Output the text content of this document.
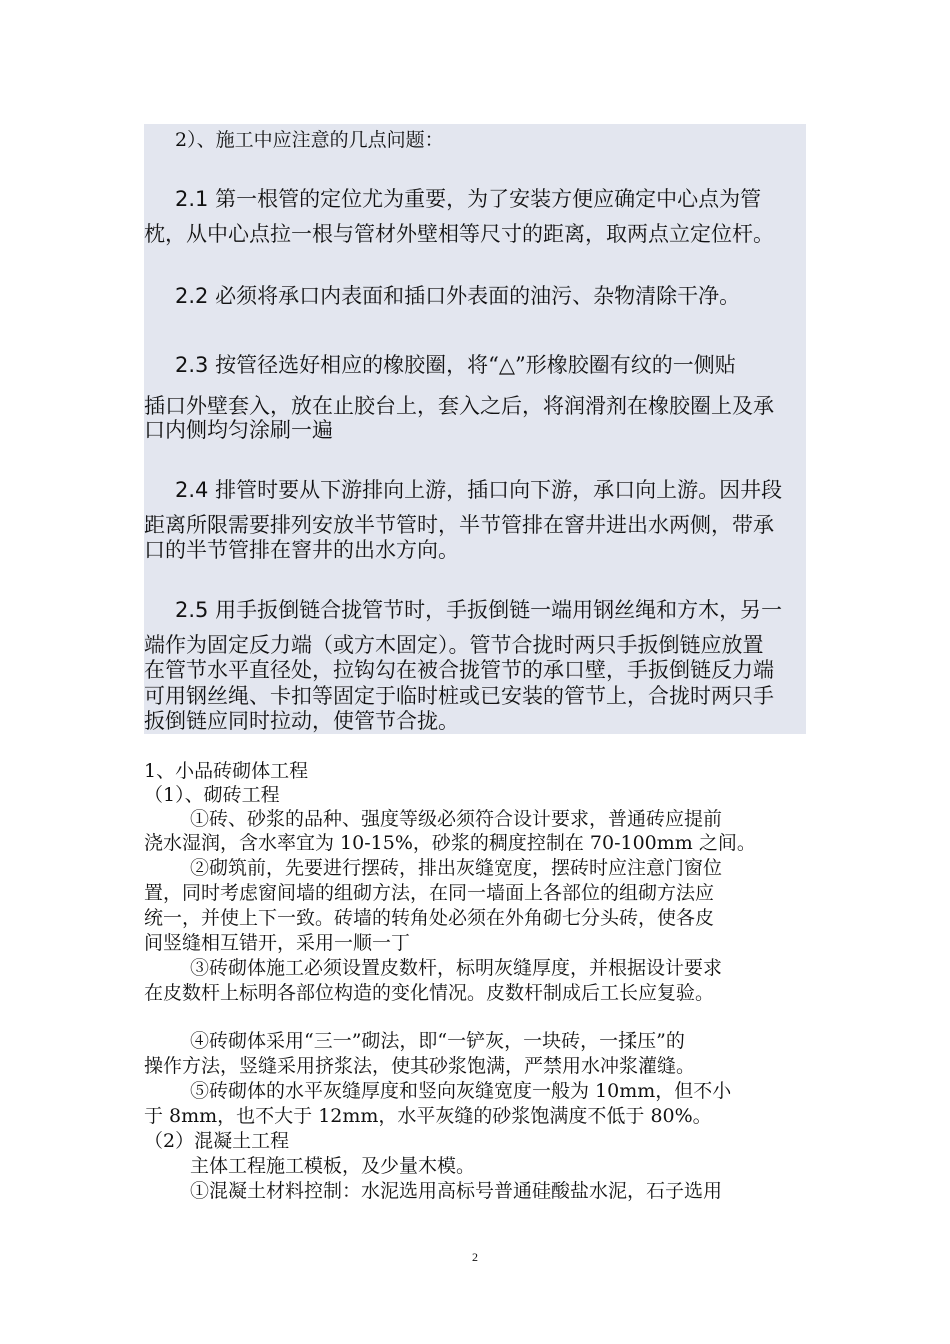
2）、施工中应注意的几点问题：
2.1 第一根管的定位尤为重要，为了安装方便应确定中心点为管
枕，从中心点拉一根与管材外壁相等尺寸的距离，取两点立定位杆。
2.2 必须将承口内表面和插口外表面的油污、杂物清除干净。
2.3 按管径选好相应的橡胶圈，将“△”形橡胶圈有纹的一侧贴
插口外壁套入，放在止胶台上，套入之后，将润滑剂在橡胶圈上及承
口内侧均匀涂刷一遍
2.4 排管时要从下游排向上游，插口向下游，承口向上游。因井段
距离所限需要排列安放半节管时，半节管排在窨井进出水两侧，带承
口的半节管排在窨井的出水方向。
2.5 用手扳倒链合拢管节时，手扳倒链一端用钢丝绳和方木，另一
端作为固定反力端（或方木固定）。管节合拢时两只手扳倒链应放置
在管节水平直径处，拉钩勾在被合拢管节的承口壁，手扳倒链反力端
可用钢丝绳、卡扣等固定于临时桩或已安装的管节上，合拢时两只手
扳倒链应同时拉动，使管节合拢。
1、小品砖砌体工程
（1）、砌砖工程
①砖、砂浆的品种、强度等级必须符合设计要求，普通砖应提前
浇水湿润，含水率宜为 10-15%，砂浆的稠度控制在 70-100mm 之间。
②砌筑前，先要进行摆砖，排出灰缝宽度，摆砖时应注意门窗位
置，同时考虑窗间墙的组砌方法，在同一墙面上各部位的组砌方法应
统一，并使上下一致。砖墙的转角处必须在外角砌七分头砖，使各皮
间竖缝相互错开，采用一顺一丁
③砖砌体施工必须设置皮数杆，标明灰缝厚度，并根据设计要求
在皮数杆上标明各部位构造的变化情况。皮数杆制成后工长应复验。
④砖砌体采用“三一”砌法，即“一铲灰，一块砖，一揉压”的
操作方法，竖缝采用挤浆法，使其砂浆饱满，严禁用水冲浆灌缝。
⑤砖砌体的水平灰缝厚度和竖向灰缝宽度一般为 10mm，但不小
于 8mm，也不大于 12mm，水平灰缝的砂浆饱满度不低于 80%。
（2）混凝土工程
主体工程施工模板，及少量木模。
①混凝土材料控制：水泥选用高标号普通硅酸盐水泥，石子选用
2
